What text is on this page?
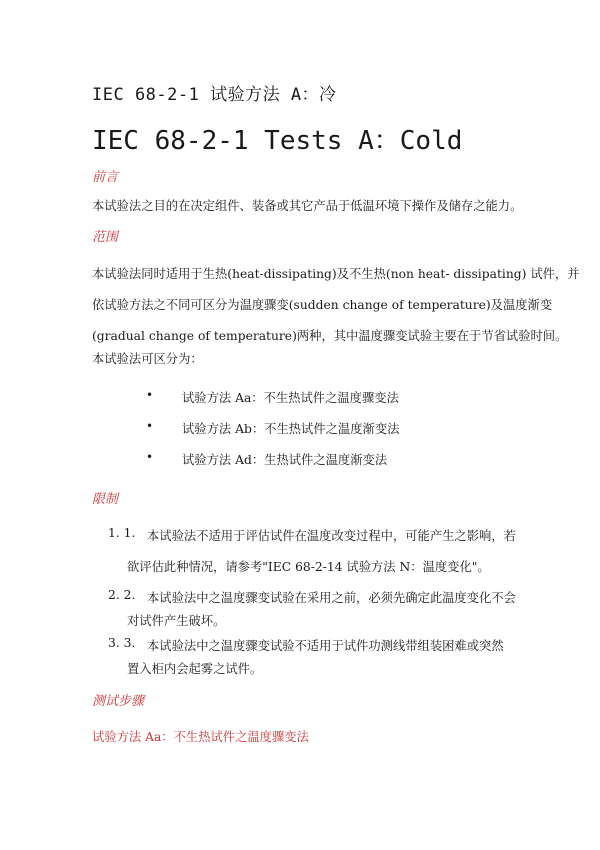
IEC 68-2-1 试验方法 A：冷
IEC 68-2-1 Tests A：Cold
前言
本试验法之目的在决定组件、装备或其它产品于低温环境下操作及储存之能力。
范围
本试验法同时适用于生热(heat-dissipating)及不生热(non heat- dissipating) 试件，并
依试验方法之不同可区分为温度骤变(sudden change of temperature)及温度渐变
(gradual change of temperature)两种，其中温度骤变试验主要在于节省试验时间。
本试验法可区分为：
• 试验方法 Aa：不生热试件之温度骤变法
• 试验方法 Ab：不生热试件之温度渐变法
• 试验方法 Ad：生热试件之温度渐变法
限制
1. 1. 本试验法不适用于评估试件在温度改变过程中，可能产生之影响，若
欲评估此种情况，请参考"IEC 68-2-14 试验方法 N：温度变化"。
2. 2. 本试验法中之温度骤变试验在采用之前，必须先确定此温度变化不会
对试件产生破坏。
3. 3. 本试验法中之温度骤变试验不适用于试件功测线带组装困难或突然
置入柜内会起雾之试件。
测试步骤
试验方法 Aa：不生热试件之温度骤变法
